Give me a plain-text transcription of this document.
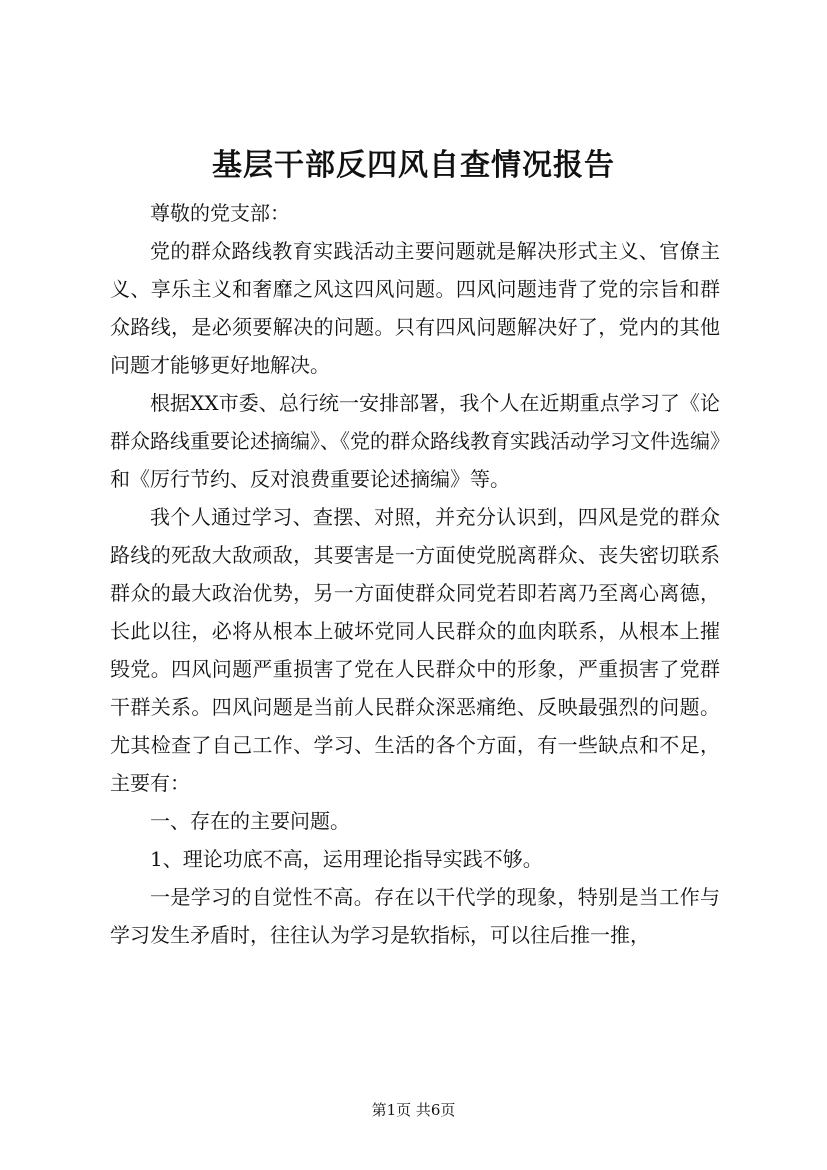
基层干部反四风自查情况报告

尊敬的党支部：

党的群众路线教育实践活动主要问题就是解决形式主义、官僚主义、享乐主义和奢靡之风这四风问题。四风问题违背了党的宗旨和群众路线，是必须要解决的问题。只有四风问题解决好了，党内的其他问题才能够更好地解决。

根据XX市委、总行统一安排部署，我个人在近期重点学习了《论群众路线重要论述摘编》、《党的群众路线教育实践活动学习文件选编》和《厉行节约、反对浪费重要论述摘编》等。

我个人通过学习、查摆、对照，并充分认识到，四风是党的群众路线的死敌大敌顽敌，其要害是一方面使党脱离群众、丧失密切联系群众的最大政治优势，另一方面使群众同党若即若离乃至离心离德，长此以往，必将从根本上破坏党同人民群众的血肉联系，从根本上摧毁党。四风问题严重损害了党在人民群众中的形象，严重损害了党群干群关系。四风问题是当前人民群众深恶痛绝、反映最强烈的问题。尤其检查了自己工作、学习、生活的各个方面，有一些缺点和不足，主要有：

一、存在的主要问题。

1、理论功底不高，运用理论指导实践不够。

一是学习的自觉性不高。存在以干代学的现象，特别是当工作与学习发生矛盾时，往往认为学习是软指标，可以往后推一推，

第1页 共6页
